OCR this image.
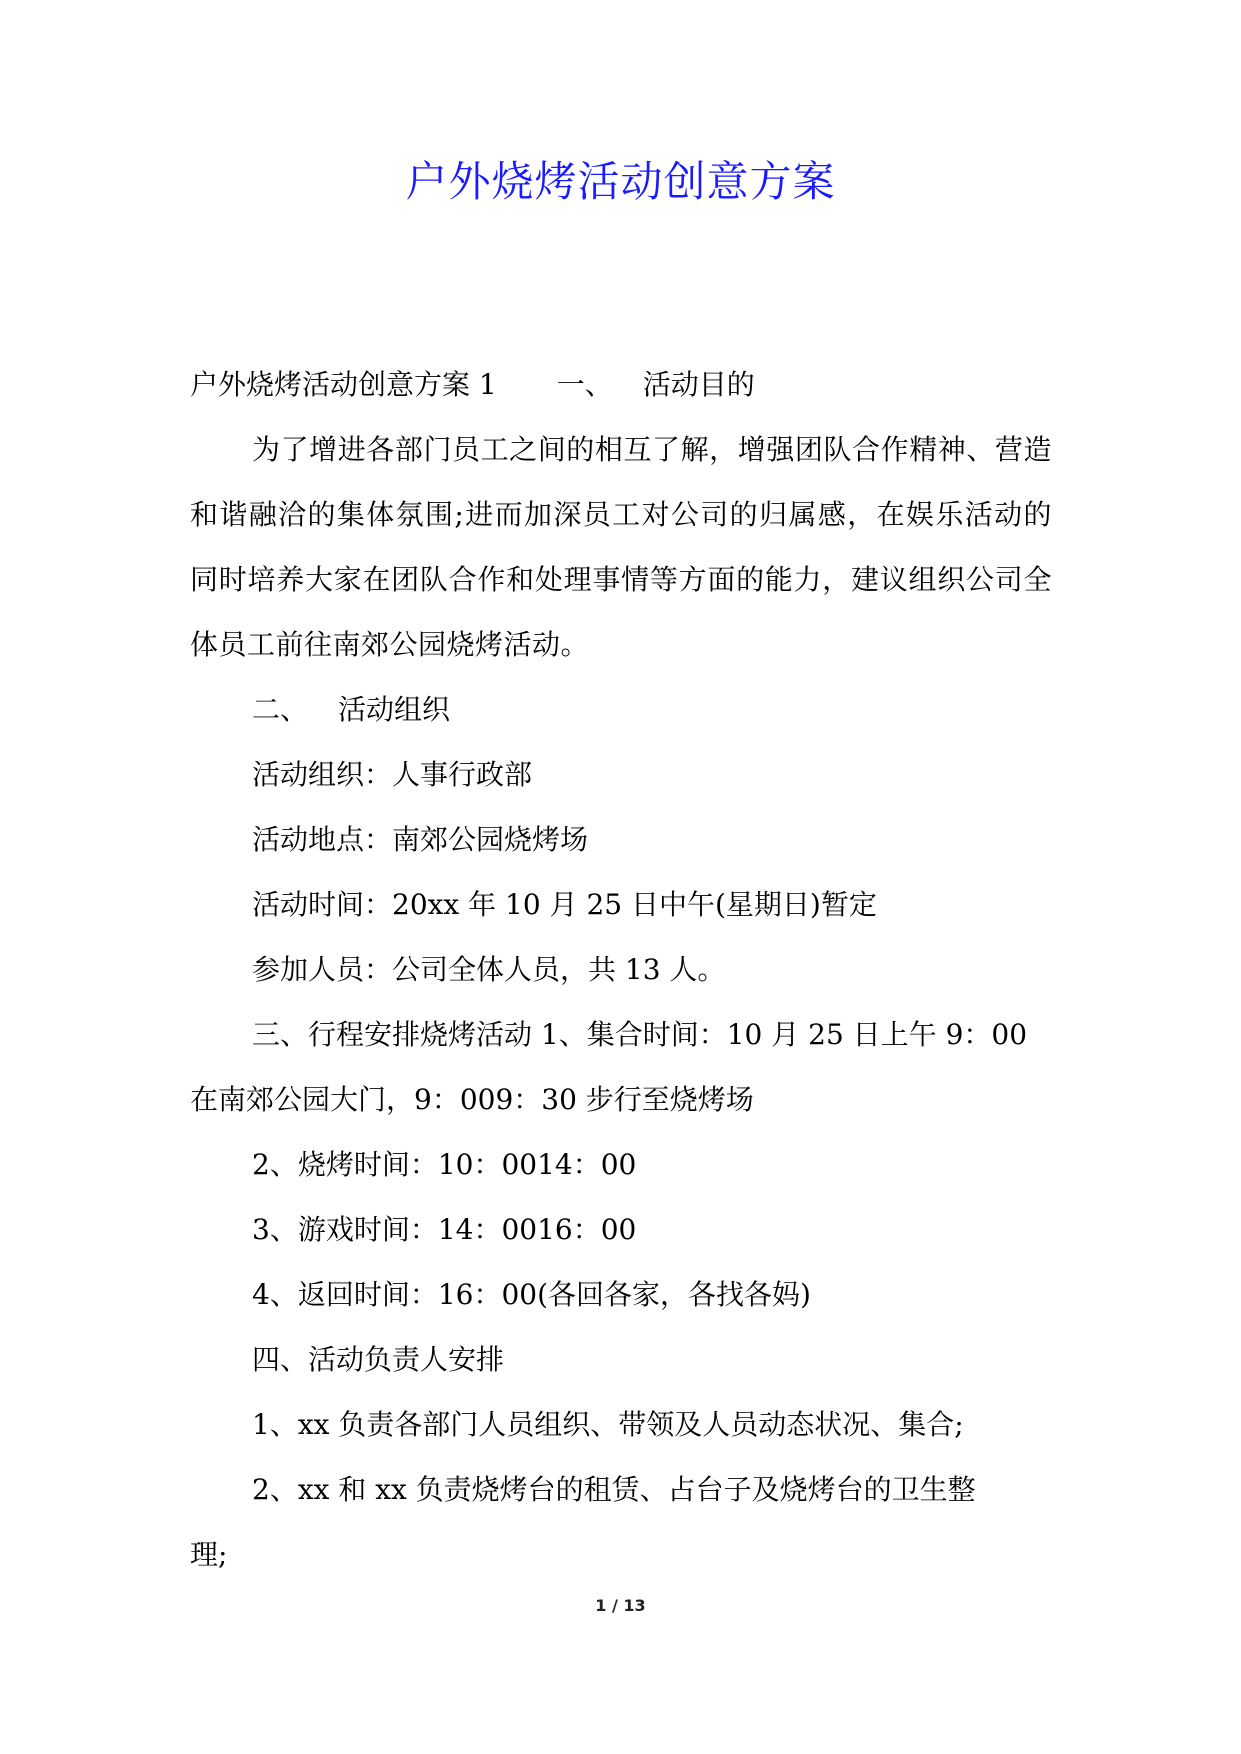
户外烧烤活动创意方案

户外烧烤活动创意方案 1 一、 活动目的

为了增进各部门员工之间的相互了解，增强团队合作精神、营造和谐融洽的集体氛围;进而加深员工对公司的归属感，在娱乐活动的同时培养大家在团队合作和处理事情等方面的能力，建议组织公司全体员工前往南郊公园烧烤活动。

二、 活动组织

活动组织：人事行政部

活动地点：南郊公园烧烤场

活动时间：20xx 年 10 月 25 日中午(星期日)暂定

参加人员：公司全体人员，共 13 人。

三、行程安排烧烤活动 1、集合时间：10 月 25 日上午 9：00

在南郊公园大门，9：009：30 步行至烧烤场

2、烧烤时间：10：0014：00

3、游戏时间：14：0016：00

4、返回时间：16：00(各回各家，各找各妈)

四、活动负责人安排

1、xx 负责各部门人员组织、带领及人员动态状况、集合;

2、xx 和 xx 负责烧烤台的租赁、占台子及烧烤台的卫生整

理;

1 / 13
